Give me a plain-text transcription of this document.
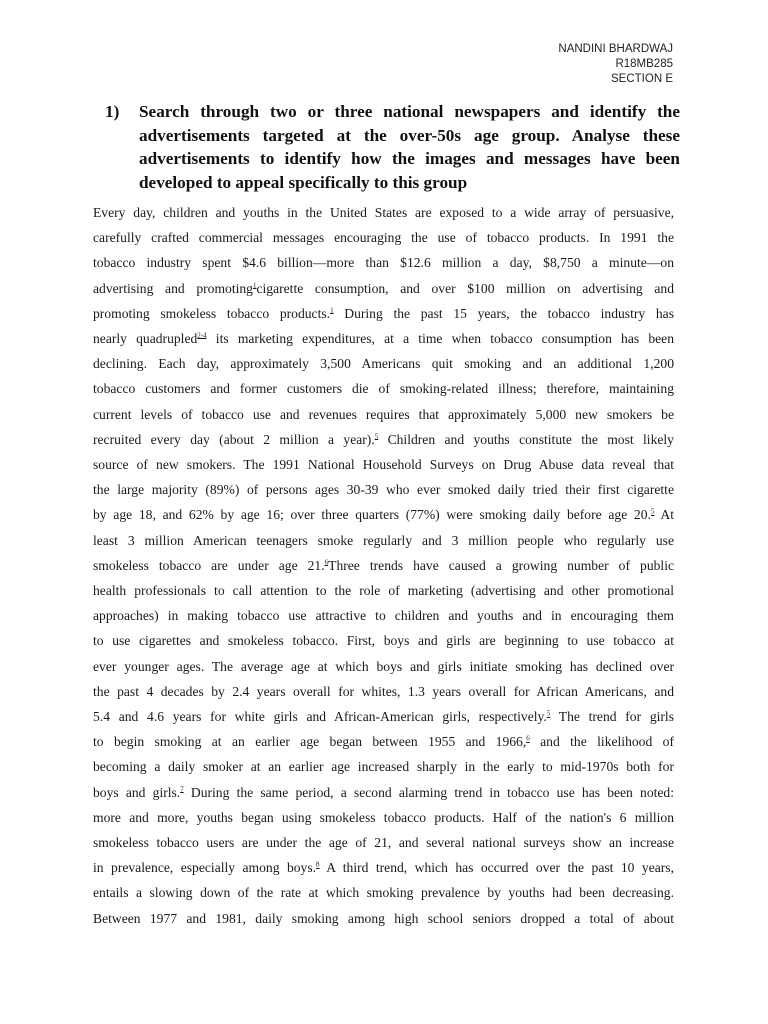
NANDINI BHARDWAJ
R18MB285
SECTION E
1)	Search through two or three national newspapers and identify the advertisements targeted at the over-50s age group. Analyse these advertisements to identify how the images and messages have been developed to appeal specifically to this group
Every day, children and youths in the United States are exposed to a wide array of persuasive,
carefully crafted commercial messages encouraging the use of tobacco products. In 1991 the
tobacco industry spent $4.6 billion—more than $12.6 million a day, $8,750 a minute—on
advertising and promoting$^1$cigarette consumption, and over $100 million on advertising and
promoting smokeless tobacco products.$^1$ During the past 15 years, the tobacco industry has
nearly quadrupled$^{2-4}$ its marketing expenditures, at a time when tobacco consumption has been
declining. Each day, approximately 3,500 Americans quit smoking and an additional 1,200
tobacco customers and former customers die of smoking-related illness; therefore, maintaining
current levels of tobacco use and revenues requires that approximately 5,000 new smokers be
recruited every day (about 2 million a year).$^5$ Children and youths constitute the most likely
source of new smokers. The 1991 National Household Surveys on Drug Abuse data reveal that
the large majority (89%) of persons ages 30-39 who ever smoked daily tried their first cigarette
by age 18, and 62% by age 16; over three quarters (77%) were smoking daily before age 20.$^5$ At
least 3 million American teenagers smoke regularly and 3 million people who regularly use
smokeless tobacco are under age 21.$^6$Three trends have caused a growing number of public
health professionals to call attention to the role of marketing (advertising and other promotional
approaches) in making tobacco use attractive to children and youths and in encouraging them
to use cigarettes and smokeless tobacco. First, boys and girls are beginning to use tobacco at
ever younger ages. The average age at which boys and girls initiate smoking has declined over
the past 4 decades by 2.4 years overall for whites, 1.3 years overall for African Americans, and
5.4 and 4.6 years for white girls and African-American girls, respectively.$^5$ The trend for girls
to begin smoking at an earlier age began between 1955 and 1966,$^6$ and the likelihood of
becoming a daily smoker at an earlier age increased sharply in the early to mid-1970s both for
boys and girls.$^7$ During the same period, a second alarming trend in tobacco use has been noted:
more and more, youths began using smokeless tobacco products. Half of the nation's 6 million
smokeless tobacco users are under the age of 21, and several national surveys show an increase
in prevalence, especially among boys.$^8$ A third trend, which has occurred over the past 10 years,
entails a slowing down of the rate at which smoking prevalence by youths had been decreasing.
Between 1977 and 1981, daily smoking among high school seniors dropped a total of about
